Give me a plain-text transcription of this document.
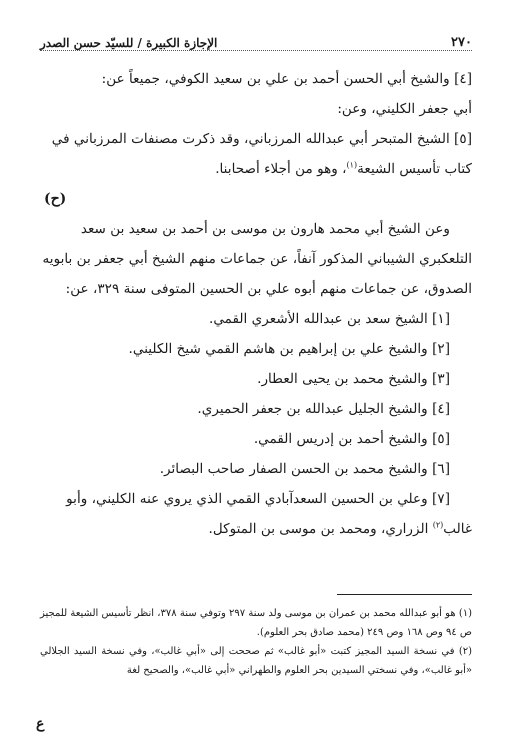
٢٧٠
الإجازة الكبيرة / للسيّد حسن الصدر

[٤] والشيخ أبي الحسن أحمد بن علي بن سعيد الكوفي، جميعاً عن:

أبي جعفر الكليني، وعن:

[٥] الشيخ المتبحر أبي عبدالله المرزباني، وقد ذكرت مصنفات المرزباني في

كتاب تأسيس الشيعة$^{(١)}$، وهو من أجلاء أصحابنا.

(ح)

وعن الشيخ أبي محمد هارون بن موسى بن أحمد بن سعيد بن سعد

التلعكبري الشيباني المذكور آنفاً، عن جماعات منهم الشيخ أبي جعفر بن بابويه

الصدوق، عن جماعات منهم أبوه علي بن الحسين المتوفى سنة ٣٢٩، عن:

[١] الشيخ سعد بن عبدالله الأشعري القمي.

[٢] والشيخ علي بن إبراهيم بن هاشم القمي شيخ الكليني.

[٣] والشيخ محمد بن يحيى العطار.

[٤] والشيخ الجليل عبدالله بن جعفر الحميري.

[٥] والشيخ أحمد بن إدريس القمي.

[٦] والشيخ محمد بن الحسن الصفار صاحب البصائر.

[٧] وعلي بن الحسين السعدآبادي القمي الذي يروي عنه الكليني، وأبو

غالب$^{(٢)}$ الزراري، ومحمد بن موسى بن المتوكل.

(١) هو أبو عبدالله محمد بن عمران بن موسى ولد سنة ٢٩٧ وتوفي سنة ٣٧٨، انظر تأسيس الشيعة للمجيز ص ٩٤ وص ١٦٨ وص ٢٤٩ (محمد صادق بحر العلوم).

(٢) في نسخة السيد المجيز كتبت «أبو غالب» ثم صححت إلى «أبي غالب»، وفي نسخة السيد الجلالي «أبو غالب»، وفي نسختي السيدين بحر العلوم والطهراني «أبي غالب»، والصحيح لغة

ع
